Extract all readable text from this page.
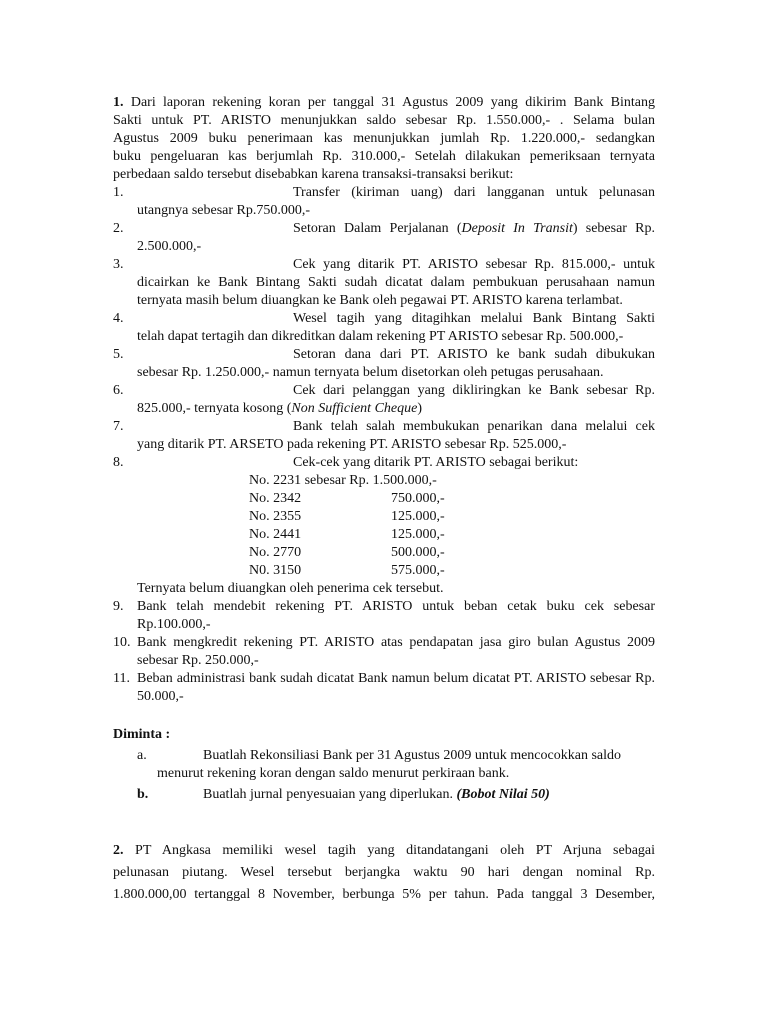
1. Dari laporan rekening koran per tanggal 31 Agustus 2009 yang dikirim Bank Bintang
Sakti untuk PT. ARISTO menunjukkan saldo sebesar Rp. 1.550.000,- . Selama bulan
Agustus 2009 buku penerimaan kas menunjukkan jumlah Rp. 1.220.000,- sedangkan
buku pengeluaran kas berjumlah Rp. 310.000,- Setelah dilakukan pemeriksaan ternyata
perbedaan saldo tersebut disebabkan karena transaksi-transaksi berikut:
1.	Transfer (kiriman uang) dari langganan untuk pelunasan
utangnya sebesar Rp.750.000,-
2.	Setoran Dalam Perjalanan (Deposit In Transit) sebesar Rp.
2.500.000,-
3.	Cek yang ditarik PT. ARISTO sebesar Rp. 815.000,- untuk
dicairkan ke Bank Bintang Sakti sudah dicatat dalam pembukuan perusahaan namun ternyata masih belum diuangkan ke Bank oleh pegawai PT. ARISTO karena terlambat.
4.	Wesel tagih yang ditagihkan melalui Bank Bintang Sakti
telah dapat tertagih dan dikreditkan dalam rekening PT ARISTO sebesar Rp. 500.000,-
5.	Setoran dana dari PT. ARISTO ke bank sudah dibukukan
sebesar Rp. 1.250.000,- namun ternyata belum disetorkan oleh petugas perusahaan.
6.	Cek dari pelanggan yang dikliringkan ke Bank sebesar Rp.
825.000,- ternyata kosong (Non Sufficient Cheque)
7.	Bank telah salah membukukan penarikan dana melalui cek
yang ditarik PT. ARSETO pada rekening PT. ARISTO sebesar Rp. 525.000,-
8.	Cek-cek yang ditarik PT. ARISTO sebagai berikut:
No. 2231 sebesar Rp. 1.500.000,-
No. 2342	750.000,-
No. 2355	125.000,-
No. 2441	125.000,-
No. 2770	500.000,-
N0. 3150	575.000,-
Ternyata belum diuangkan oleh penerima cek tersebut.
9. Bank telah mendebit rekening PT. ARISTO untuk beban cetak buku cek sebesar Rp.100.000,-
10. Bank mengkredit rekening PT. ARISTO atas pendapatan jasa giro bulan Agustus 2009 sebesar Rp. 250.000,-
11. Beban administrasi bank sudah dicatat Bank namun belum dicatat PT. ARISTO sebesar Rp. 50.000,-
Diminta :
a.	Buatlah Rekonsiliasi Bank per 31 Agustus 2009 untuk mencocokkan saldo
menurut rekening koran dengan saldo menurut perkiraan bank.
b.	Buatlah jurnal penyesuaian yang diperlukan. (Bobot Nilai 50)
2. PT Angkasa memiliki wesel tagih yang ditandatangani oleh PT Arjuna sebagai
pelunasan piutang. Wesel tersebut berjangka waktu 90 hari dengan nominal Rp.
1.800.000,00 tertanggal 8 November, berbunga 5% per tahun. Pada tanggal 3 Desember,
